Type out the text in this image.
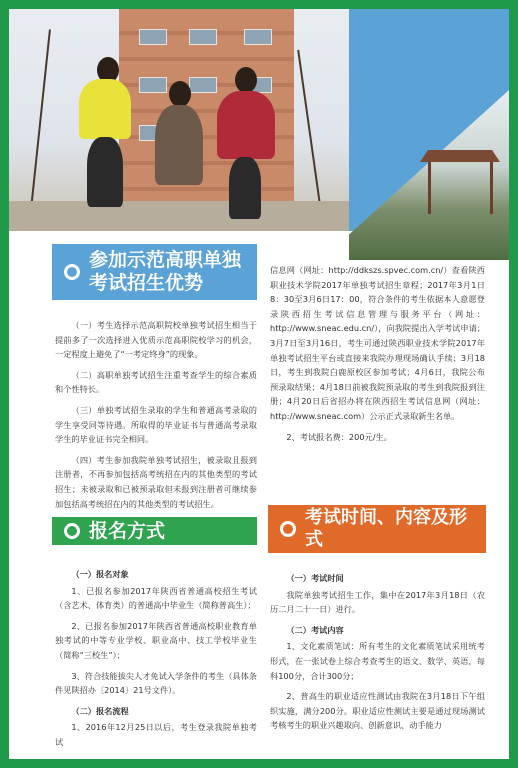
参加示范高职单独考试招生优势

（一）考生选择示范高职院校单独考试招生相当于提前多了一次选择进入优质示范高职院校学习的机会，一定程度上避免了“一考定终身”的现象。

（二）高职单独考试招生注重考查学生的综合素质和个性特长。

（三）单独考试招生录取的学生和普通高考录取的学生享受同等待遇。所取得的毕业证书与普通高考录取学生的毕业证书完全相同。

（四）考生参加我院单独考试招生，被录取且报到注册者，不再参加包括高考统招在内的其他类型的考试招生；未被录取和已被预录取但未报到注册者可继续参加包括高考统招在内的其他类型的考试招生。

信息网（网址：http://ddkszs.spvec.com.cn/）查看陕西职业技术学院2017年单独考试招生章程；2017年3月1日8：30至3月6日17：00，符合条件的考生依据本人意愿登录陕西招生考试信息管理与服务平台（网址：http://www.sneac.edu.cn/），向我院提出入学考试申请；3月7日至3月16日，考生可通过陕西职业技术学院2017年单独考试招生平台或直接来我院办理现场确认手续；3月18日，考生到我院白鹿原校区参加考试；4月6日，我院公布预录取结果；4月18日前被我院预录取的考生到我院报到注册；4月20日后省招办将在陕西招生考试信息网（网址：http://www.sneac.com）公示正式录取新生名单。

2、考试报名费：200元/生。

报名方式

（一）报名对象

1、已报名参加2017年陕西省普通高校招生考试（含艺术、体育类）的普通高中毕业生（简称普高生）；

2、已报名参加2017年陕西省普通高校职业教育单独考试的中等专业学校、职业高中、技工学校毕业生（简称“三校生”）；

3、符合技能拔尖人才免试入学条件的考生（具体条件见陕招办〔2014〕21号文件）。

（二）报名流程

1、2016年12月25日以后，考生登录我院单独考试

考试时间、内容及形式

（一）考试时间

我院单独考试招生工作，集中在2017年3月18日（农历二月二十一日）进行。

（二）考试内容

1、文化素质笔试：所有考生的文化素质笔试采用统考形式，在一张试卷上综合考查考生的语文、数学、英语，每科100分，合计300分；

2、普高生的职业适应性测试由我院在3月18日下午组织实施，满分200分。职业适应性测试主要是通过现场测试考核考生的职业兴趣取向、创新意识、动手能力
